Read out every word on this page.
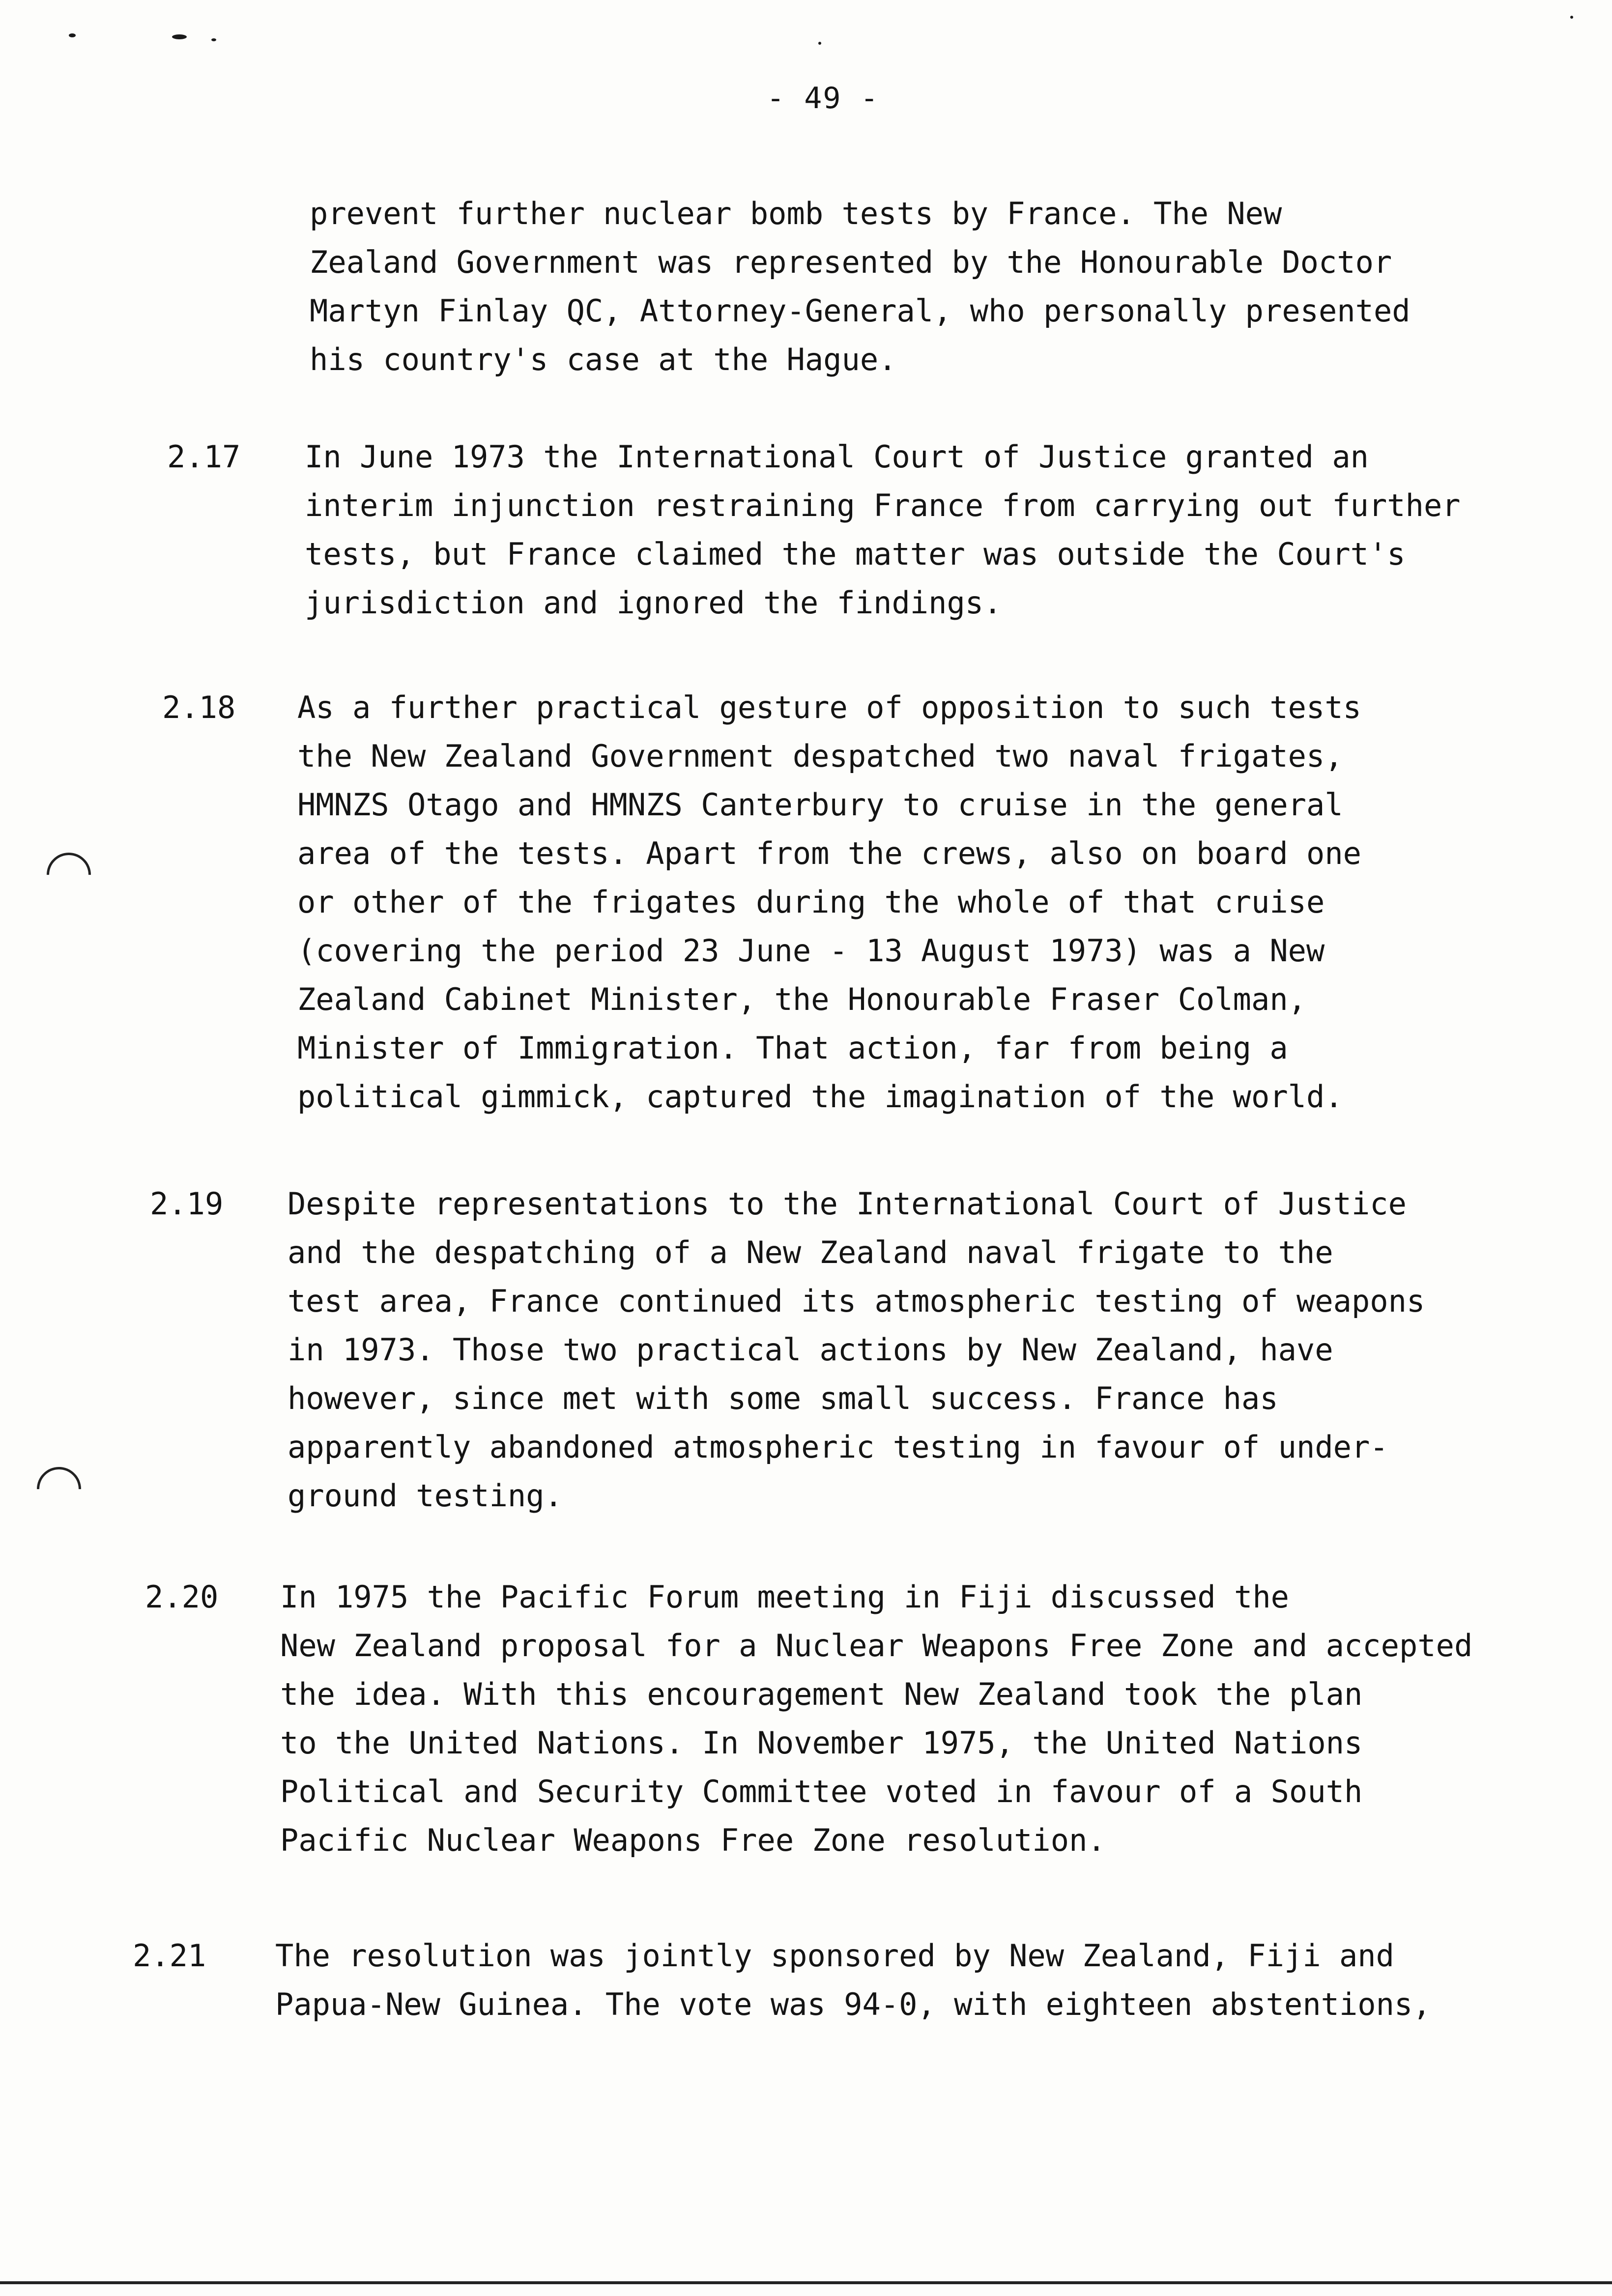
- 49 -

prevent further nuclear bomb tests by France. The New
Zealand Government was represented by the Honourable Doctor
Martyn Finlay QC, Attorney-General, who personally presented
his country's case at the Hague.

2.17 In June 1973 the International Court of Justice granted an
interim injunction restraining France from carrying out further
tests, but France claimed the matter was outside the Court's
jurisdiction and ignored the findings.

2.18 As a further practical gesture of opposition to such tests
the New Zealand Government despatched two naval frigates,
HMNZS Otago and HMNZS Canterbury to cruise in the general
area of the tests. Apart from the crews, also on board one
or other of the frigates during the whole of that cruise
(covering the period 23 June - 13 August 1973) was a New
Zealand Cabinet Minister, the Honourable Fraser Colman,
Minister of Immigration. That action, far from being a
political gimmick, captured the imagination of the world.

2.19 Despite representations to the International Court of Justice
and the despatching of a New Zealand naval frigate to the
test area, France continued its atmospheric testing of weapons
in 1973. Those two practical actions by New Zealand, have
however, since met with some small success. France has
apparently abandoned atmospheric testing in favour of under-
ground testing.

2.20 In 1975 the Pacific Forum meeting in Fiji discussed the
New Zealand proposal for a Nuclear Weapons Free Zone and accepted
the idea. With this encouragement New Zealand took the plan
to the United Nations. In November 1975, the United Nations
Political and Security Committee voted in favour of a South
Pacific Nuclear Weapons Free Zone resolution.

2.21 The resolution was jointly sponsored by New Zealand, Fiji and
Papua-New Guinea. The vote was 94-0, with eighteen abstentions,
